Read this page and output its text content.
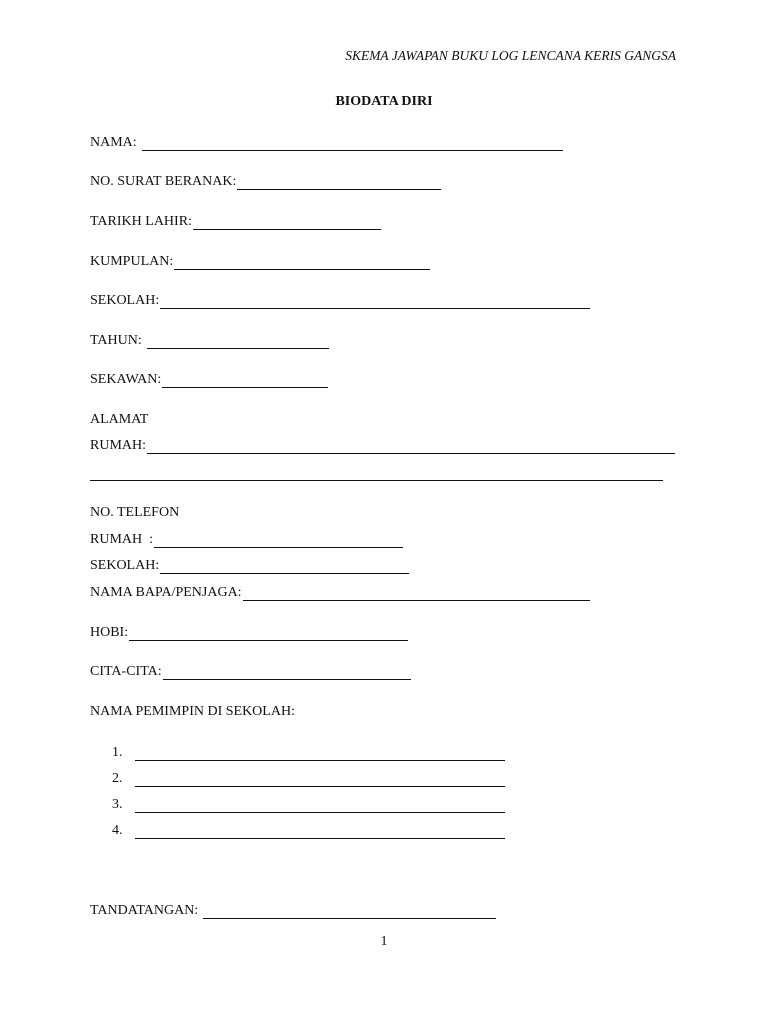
SKEMA JAWAPAN BUKU LOG LENCANA KERIS GANGSA
BIODATA DIRI
NAMA:
NO. SURAT BERANAK:
TARIKH LAHIR:
KUMPULAN:
SEKOLAH:
TAHUN:
SEKAWAN:
ALAMAT
RUMAH:
NO. TELEFON
RUMAH  :
SEKOLAH:
NAMA BAPA/PENJAGA:
HOBI:
CITA-CITA:
NAMA PEMIMPIN DI SEKOLAH:
1.
2.
3.
4.
TANDATANGAN:
1
